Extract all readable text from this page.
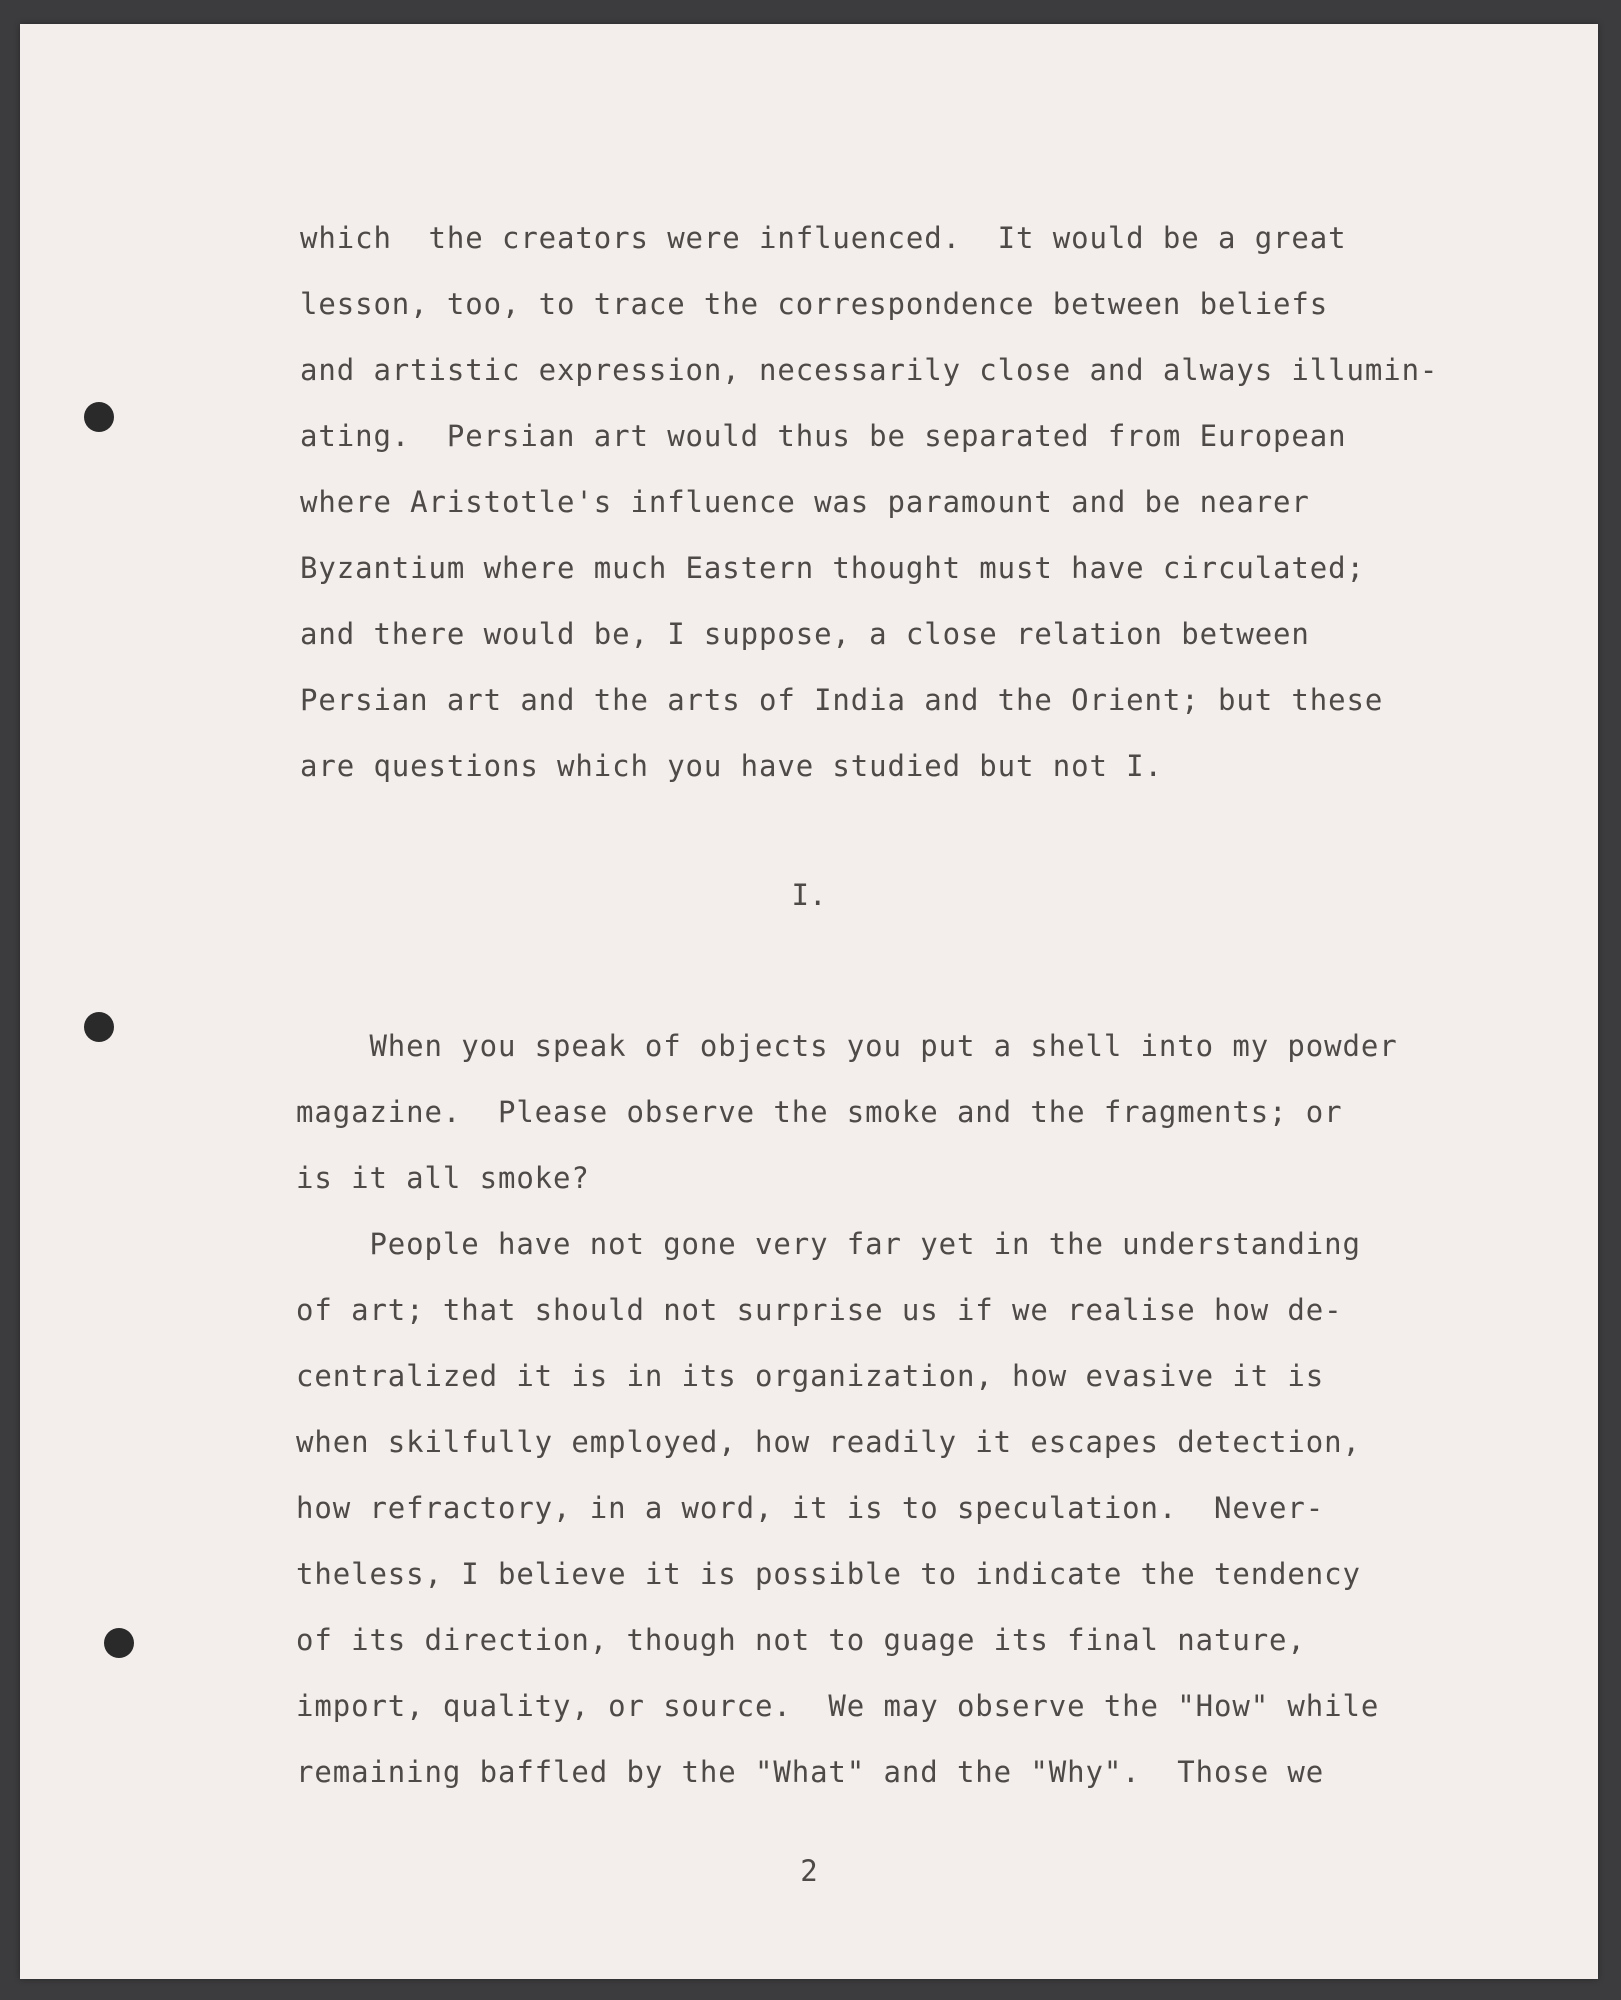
which  the creators were influenced.  It would be a great
lesson, too, to trace the correspondence between beliefs
and artistic expression, necessarily close and always illumin-
ating.  Persian art would thus be separated from European
where Aristotle's influence was paramount and be nearer
Byzantium where much Eastern thought must have circulated;
and there would be, I suppose, a close relation between
Persian art and the arts of India and the Orient; but these
are questions which you have studied but not I.
I.
When you speak of objects you put a shell into my powder
magazine.  Please observe the smoke and the fragments; or
is it all smoke?
People have not gone very far yet in the understanding
of art; that should not surprise us if we realise how de-
centralized it is in its organization, how evasive it is
when skilfully employed, how readily it escapes detection,
how refractory, in a word, it is to speculation.  Never-
theless, I believe it is possible to indicate the tendency
of its direction, though not to guage its final nature,
import, quality, or source.  We may observe the "How" while
remaining baffled by the "What" and the "Why".  Those we
2
